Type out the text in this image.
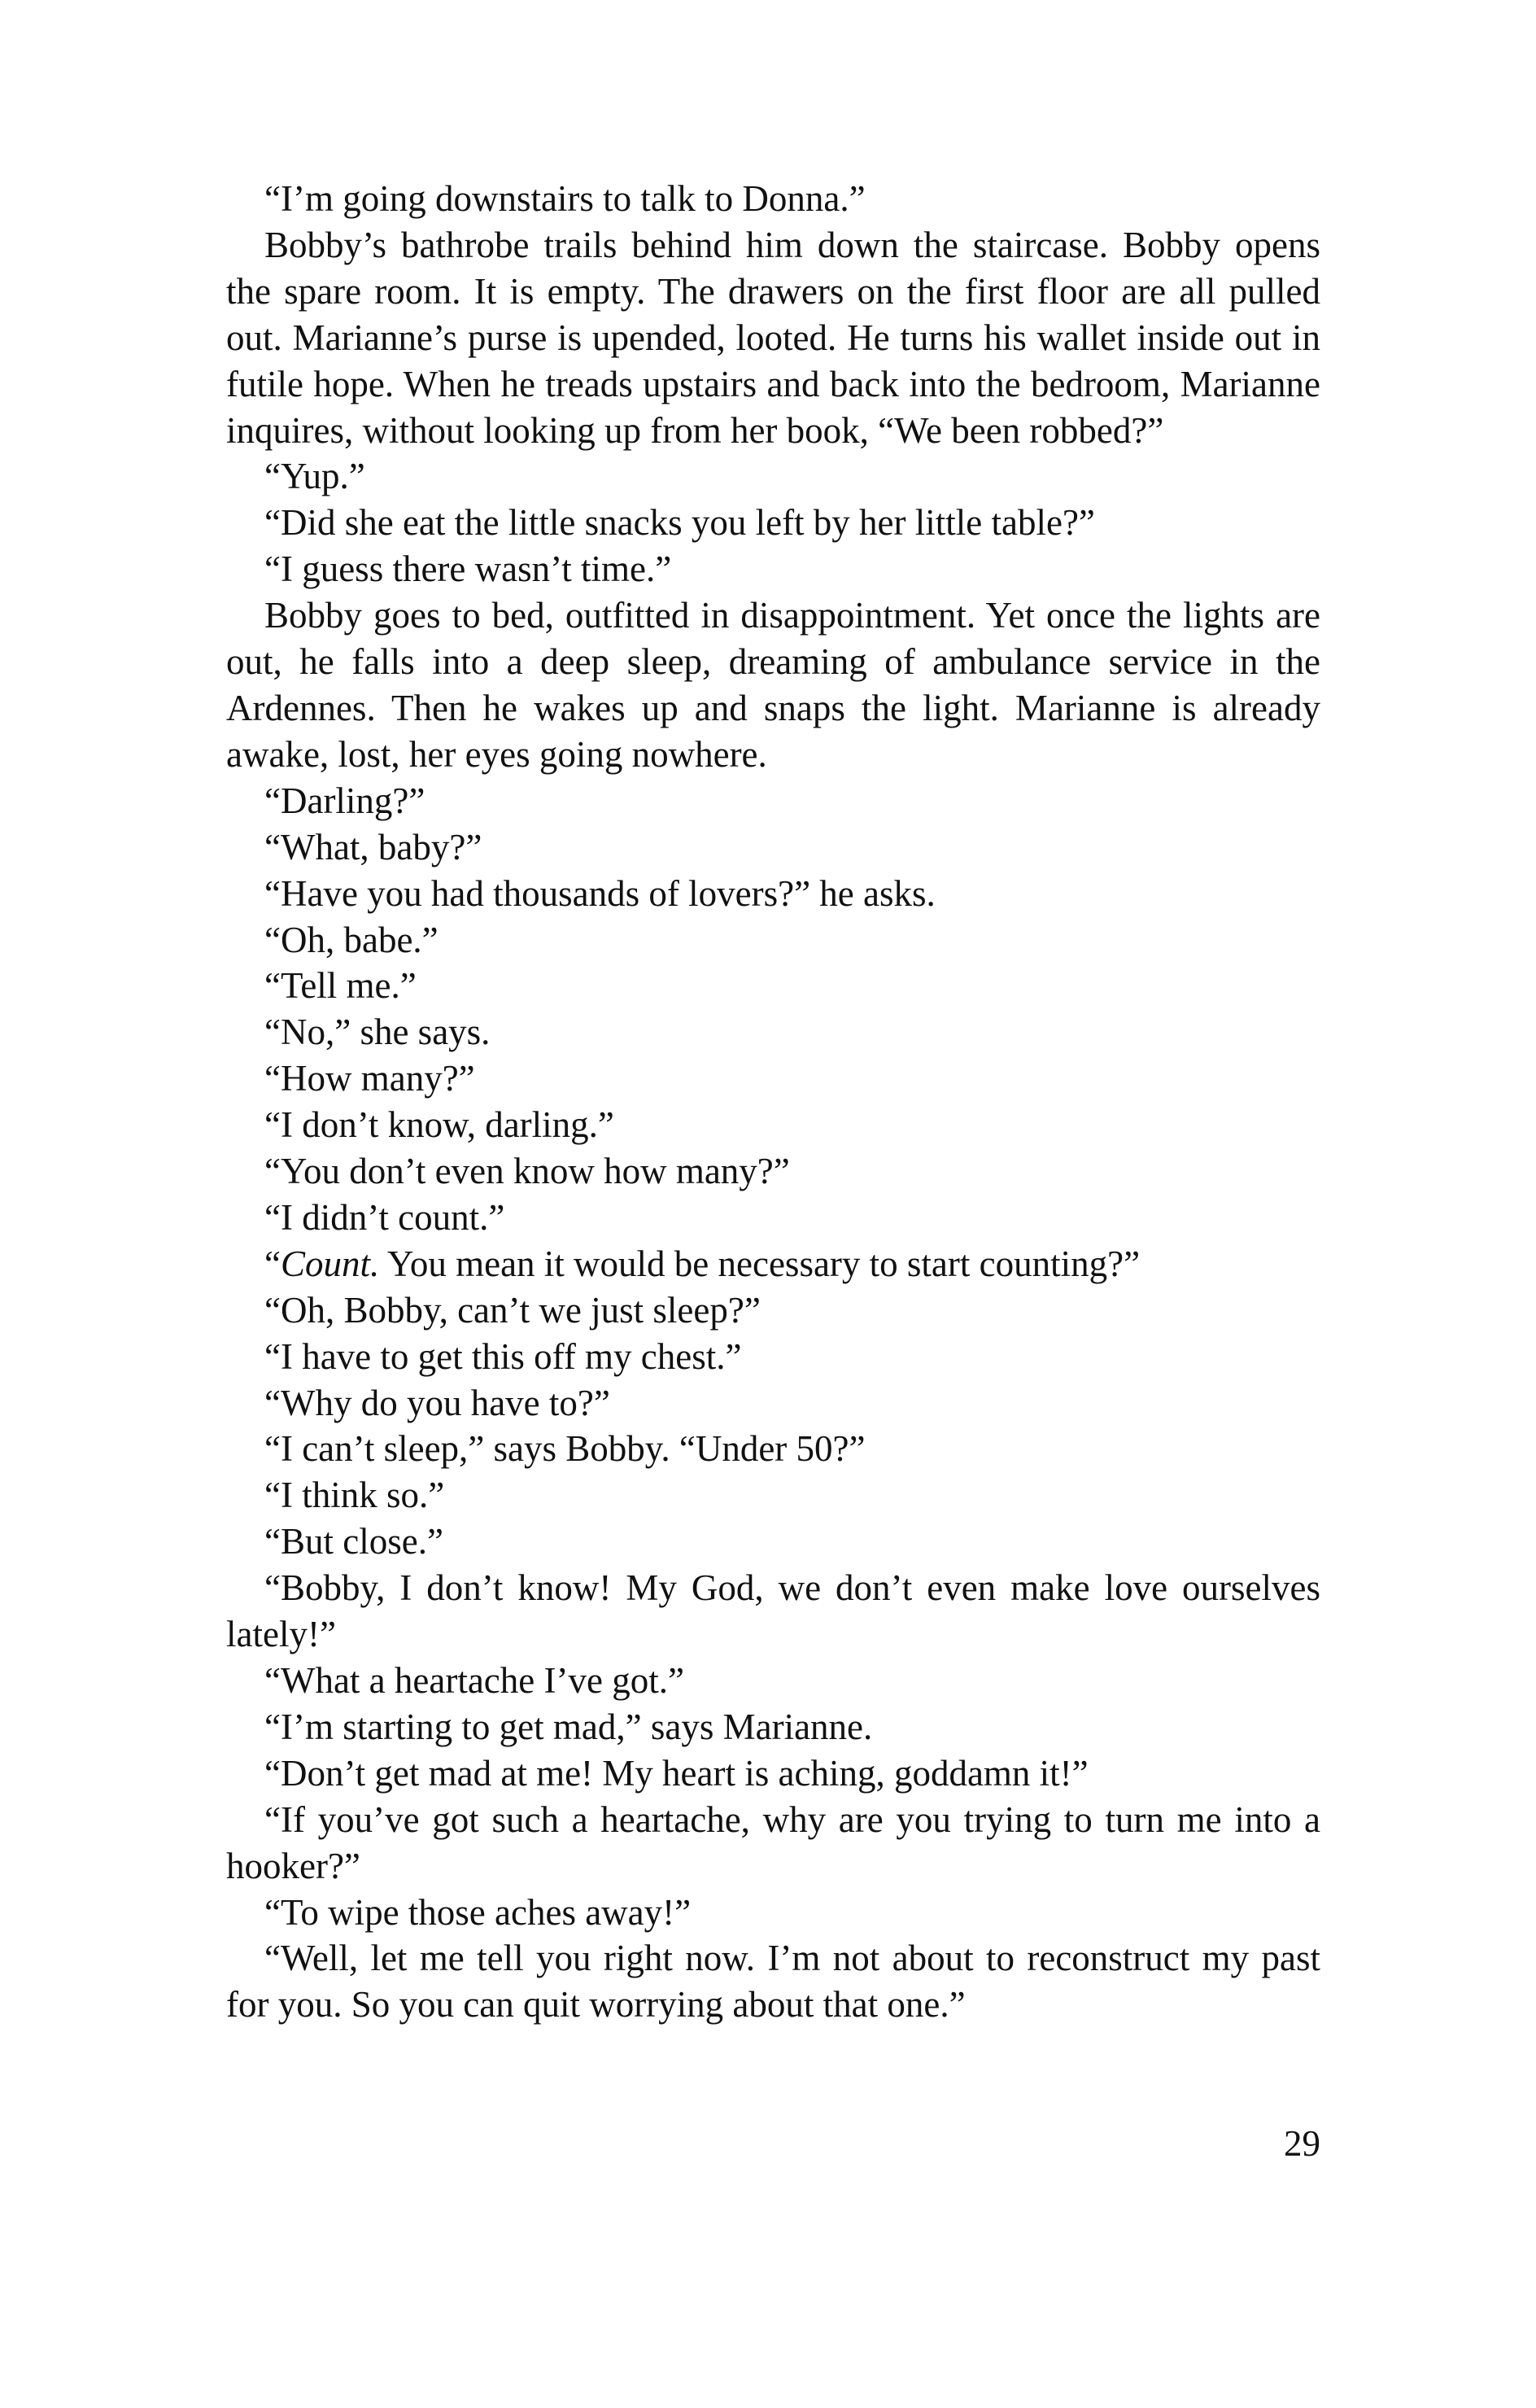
“I’m going downstairs to talk to Donna.”

Bobby’s bathrobe trails behind him down the staircase. Bobby opens the spare room. It is empty. The drawers on the first floor are all pulled out. Marianne’s purse is upended, looted. He turns his wallet inside out in futile hope. When he treads upstairs and back into the bedroom, Marianne inquires, without looking up from her book, “We been robbed?”

“Yup.”

“Did she eat the little snacks you left by her little table?”

“I guess there wasn’t time.”

Bobby goes to bed, outfitted in disappointment. Yet once the lights are out, he falls into a deep sleep, dreaming of ambulance service in the Ardennes. Then he wakes up and snaps the light. Marianne is already awake, lost, her eyes going nowhere.

“Darling?”

“What, baby?”

“Have you had thousands of lovers?” he asks.

“Oh, babe.”

“Tell me.”

“No,” she says.

“How many?”

“I don’t know, darling.”

“You don’t even know how many?”

“I didn’t count.”

“Count. You mean it would be necessary to start counting?”

“Oh, Bobby, can’t we just sleep?”

“I have to get this off my chest.”

“Why do you have to?”

“I can’t sleep,” says Bobby. “Under 50?”

“I think so.”

“But close.”

“Bobby, I don’t know! My God, we don’t even make love ourselves lately!”

“What a heartache I’ve got.”

“I’m starting to get mad,” says Marianne.

“Don’t get mad at me! My heart is aching, goddamn it!”

“If you’ve got such a heartache, why are you trying to turn me into a hooker?”

“To wipe those aches away!”

“Well, let me tell you right now. I’m not about to reconstruct my past for you. So you can quit worrying about that one.”

29
